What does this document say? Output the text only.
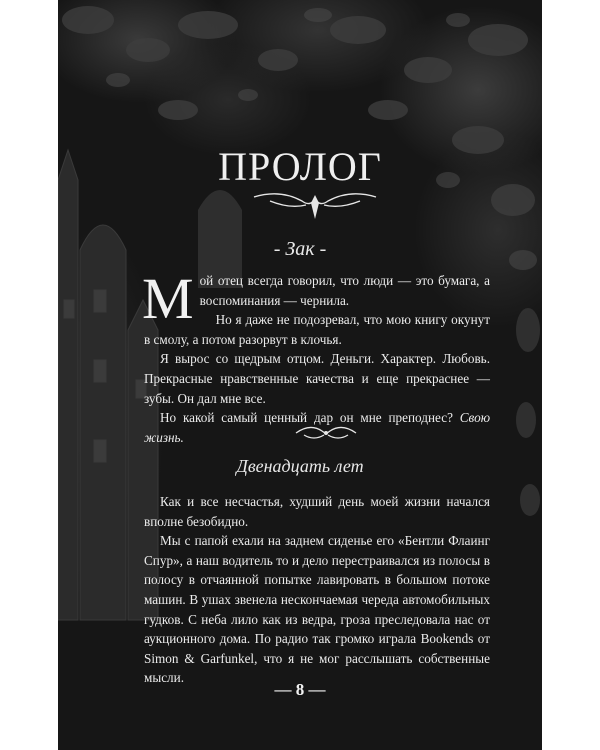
ПРОЛОГ
- Зак -

Мой отец всегда говорил, что люди — это бумага, а воспоминания — чернила.

Но я даже не подозревал, что мою книгу окунут в смолу, а потом разорвут в клочья.

Я вырос со щедрым отцом. Деньги. Характер. Любовь. Прекрасные нравственные качества и еще прекраснее — зубы. Он дал мне все.

Но какой самый ценный дар он мне преподнес? Свою жизнь.

Двенадцать лет

Как и все несчастья, худший день моей жизни начался вполне безобидно.

Мы с папой ехали на заднем сиденье его «Бентли Флаинг Спур», а наш водитель то и дело перестраивался из полосы в полосу в отчаянной попытке лавировать в большом потоке машин. В ушах звенела нескончаемая череда автомобильных гудков. С неба лило как из ведра, гроза преследовала нас от аукционного дома. По радио так громко играла Bookends от Simon & Garfunkel, что я не мог расслышать собственные мысли.

— 8 —
